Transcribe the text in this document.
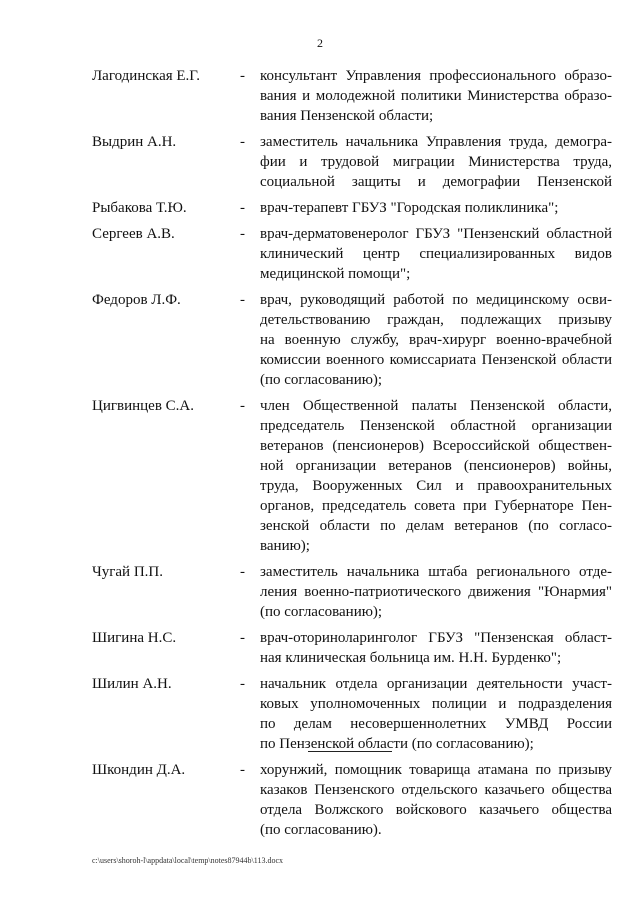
2
Лагодинская Е.Г.	- консультант Управления профессионального образо-
вания и молодежной политики Министерства образо-
вания Пензенской области;
Выдрин А.Н.	- заместитель начальника Управления труда, демогра-
фии и трудовой миграции Министерства труда,
социальной защиты и демографии Пензенской
Рыбакова Т.Ю.	- врач-терапевт ГБУЗ "Городская поликлиника";
Сергеев А.В.	- врач-дерматовенеролог ГБУЗ "Пензенский областной
клинический центр специализированных видов
медицинской помощи";
Федоров Л.Ф.	- врач, руководящий работой по медицинскому осви-
детельствованию граждан, подлежащих призыву
на военную службу, врач-хирург военно-врачебной
комиссии военного комиссариата Пензенской области
(по согласованию);
Цигвинцев С.А.	- член Общественной палаты Пензенской области,
председатель Пензенской областной организации
ветеранов (пенсионеров) Всероссийской обществен-
ной организации ветеранов (пенсионеров) войны,
труда, Вооруженных Сил и правоохранительных
органов, председатель совета при Губернаторе Пен-
зенской области по делам ветеранов (по согласо-
ванию);
Чугай П.П.	- заместитель начальника штаба регионального отде-
ления военно-патриотического движения "Юнармия"
(по согласованию);
Шигина Н.С.	- врач-оториноларинголог ГБУЗ "Пензенская област-
ная клиническая больница им. Н.Н. Бурденко";
Шилин А.Н.	- начальник отдела организации деятельности участ-
ковых уполномоченных полиции и подразделения
по делам несовершеннолетних УМВД России
по Пензенской области (по согласованию);
Шкондин Д.А.	- хорунжий, помощник товарища атамана по призыву
казаков Пензенского отдельского казачьего общества
отдела Волжского войскового казачьего общества
(по согласованию).
c:\users\shoroh-l\appdata\local\temp\notes87944b\113.docx
